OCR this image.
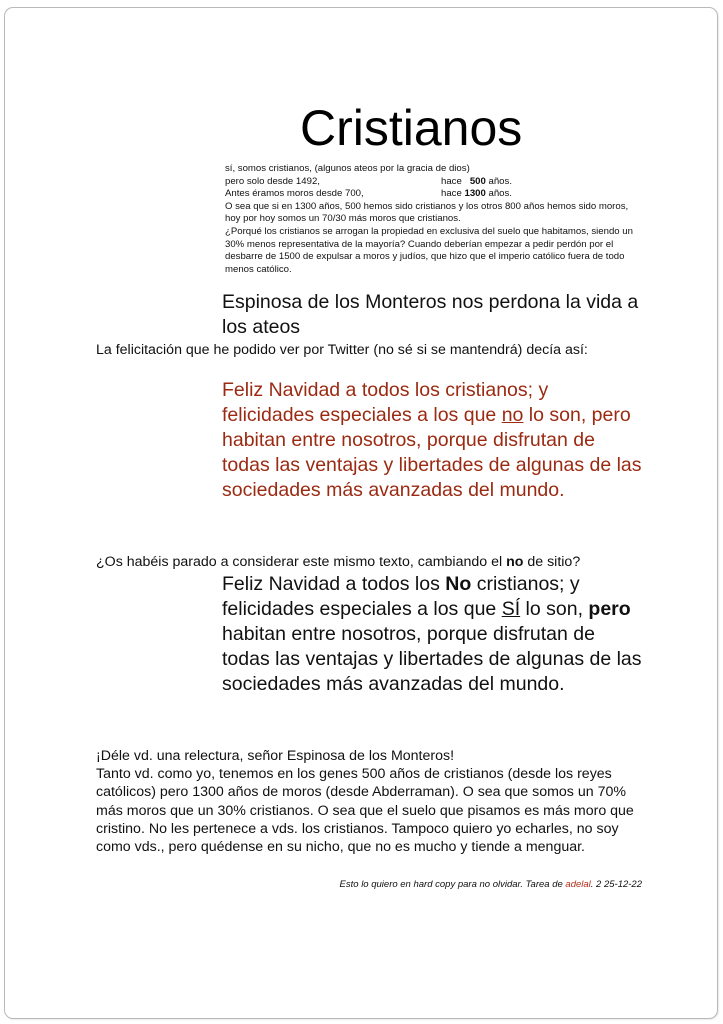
Cristianos
sí, somos cristianos, (algunos ateos por la gracia de dios)
pero solo desde 1492,	hace   500 años.
Antes éramos moros desde 700,	hace 1300 años.
O sea que si en 1300 años, 500 hemos sido cristianos y los otros 800 años hemos sido moros, hoy por hoy somos un 70/30 más moros que cristianos.
¿Porqué los cristianos se arrogan la propiedad en exclusiva del suelo que habitamos, siendo un 30% menos representativa de la mayoría? Cuando deberían empezar a pedir perdón por el desbarre de 1500 de expulsar a moros y judíos, que hizo que el imperio católico fuera de todo menos católico.
Espinosa de los Monteros nos perdona la vida a los ateos
La felicitación que he podido ver por Twitter (no sé si se mantendrá) decía así:
Feliz Navidad a todos los cristianos; y felicidades especiales a los que no lo son, pero habitan entre nosotros, porque disfrutan de todas las ventajas y libertades de algunas de las sociedades más avanzadas del mundo.
¿Os habéis parado a considerar este mismo texto, cambiando el no de sitio?
Feliz Navidad a todos los No cristianos; y felicidades especiales a los que SÍ lo son, pero habitan entre nosotros, porque disfrutan de todas las ventajas y libertades de algunas de las sociedades más avanzadas del mundo.
¡Déle vd. una relectura, señor Espinosa de los Monteros!
Tanto vd. como yo, tenemos en los genes 500 años de cristianos (desde los reyes católicos) pero 1300 años de moros (desde Abderraman). O sea que somos un 70% más moros que un 30% cristianos. O sea que el suelo que pisamos es más moro que cristino. No les pertenece a vds. los cristianos. Tampoco quiero yo echarles, no soy como vds., pero quédense en su nicho, que no es mucho y tiende a menguar.
Esto lo quiero en hard copy para no olvidar. Tarea de adelal. 2 25-12-22
